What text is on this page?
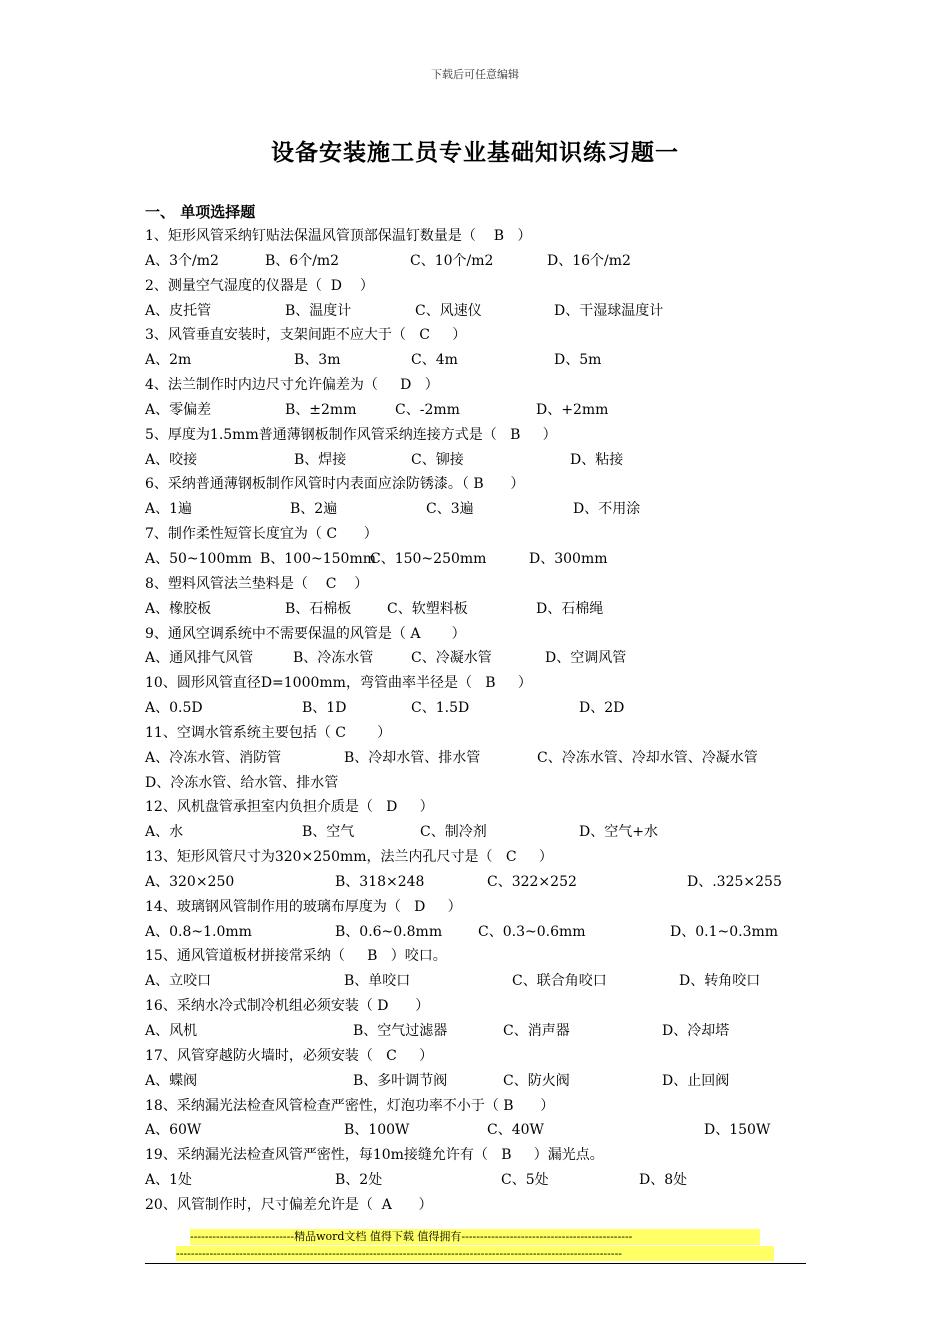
下载后可任意编辑
设备安装施工员专业基础知识练习题一
一、 单项选择题
1、矩形风管采纳钉贴法保温风管顶部保温钉数量是（    B   ）
A、3个/m2	B、6个/m2	C、10个/m2	D、16个/m2
2、测量空气湿度的仪器是（  D    ）
A、皮托管	B、温度计	C、风速仪	D、干湿球温度计
3、风管垂直安装时，支架间距不应大于（   C     ）
A、2m	B、3m	C、4m	D、5m
4、法兰制作时内边尺寸允许偏差为（     D   ）
A、零偏差	B、±2mm	C、-2mm	D、+2mm
5、厚度为1.5mm普通薄钢板制作风管采纳连接方式是（   B     ）
A、咬接	B、焊接	C、铆接	D、粘接
6、采纳普通薄钢板制作风管时内表面应涂防锈漆。（ B      ）
A、1遍	B、2遍	C、3遍	D、不用涂
7、制作柔性短管长度宜为（ C      ）
A、50~100mm B、100~150mm
C、150~250mm	D、300mm
8、塑料风管法兰垫料是（    C    ）
A、橡胶板	B、石棉板	C、软塑料板	D、石棉绳
9、通风空调系统中不需要保温的风管是（ A       ）
A、通风排气风管	B、冷冻水管	C、冷凝水管	D、空调风管
10、圆形风管直径D=1000mm，弯管曲率半径是（   B     ）
A、0.5D	B、1D	C、1.5D	D、2D
11、空调水管系统主要包括（ C       ）
A、冷冻水管、消防管	B、冷却水管、排水管	C、冷冻水管、冷却水管、冷凝水管
D、冷冻水管、给水管、排水管
12、风机盘管承担室内负担介质是（   D     ）
A、水	B、空气	C、制冷剂	D、空气+水
13、矩形风管尺寸为320×250mm，法兰内孔尺寸是（   C     ）
A、320×250	B、318×248	C、322×252	D、.325×255
14、玻璃钢风管制作用的玻璃布厚度为（   D     ）
A、0.8~1.0mm	B、0.6~0.8mm	C、0.3~0.6mm	D、0.1~0.3mm
15、通风管道板材拼接常采纳（     B   ）咬口。
A、立咬口	B、单咬口	C、联合角咬口	D、转角咬口
16、采纳水冷式制冷机组必须安装（ D      ）
A、风机	B、空气过滤器	C、消声器	D、冷却塔
17、风管穿越防火墙时，必须安装（   C     ）
A、蝶阀	B、多叶调节阀	C、防火阀	D、止回阀
18、采纳漏光法检查风管检查严密性，灯泡功率不小于（ B      ）
A、60W	B、100W	C、40W	D、150W
19、采纳漏光法检查风管严密性，每10m接缝允许有（   B     ）漏光点。
A、1处	B、2处	C、5处	D、8处
20、风管制作时，尺寸偏差允许是（  A      ）
----------------------------精品word文档 值得下载 值得拥有----------------------------------------------
------------------------------------------------------------------------------------------------------------------------
